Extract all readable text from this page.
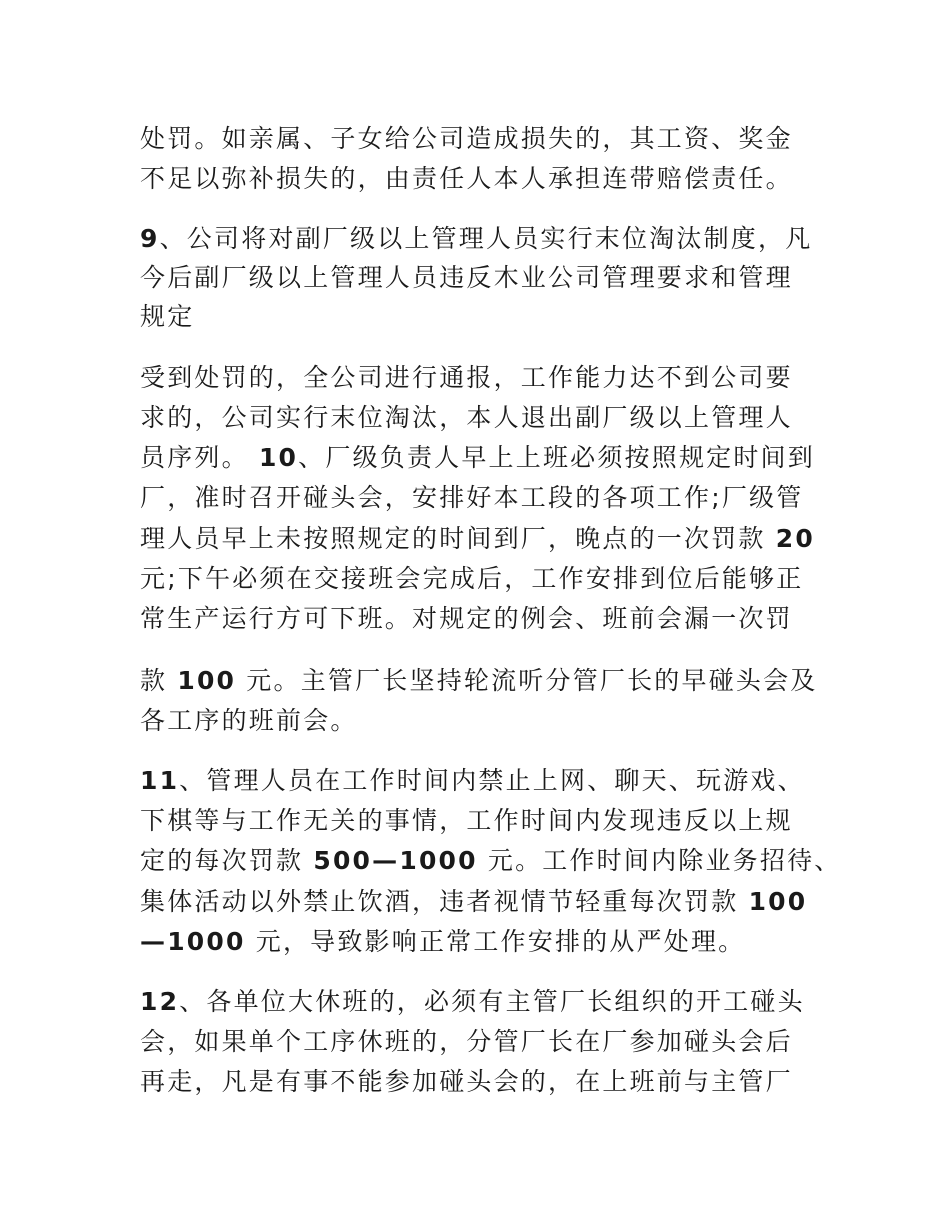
处罚。如亲属、子女给公司造成损失的，其工资、奖金
不足以弥补损失的，由责任人本人承担连带赔偿责任。
9、公司将对副厂级以上管理人员实行末位淘汰制度，凡
今后副厂级以上管理人员违反木业公司管理要求和管理
规定
受到处罚的，全公司进行通报，工作能力达不到公司要
求的，公司实行末位淘汰，本人退出副厂级以上管理人
员序列。 10、厂级负责人早上上班必须按照规定时间到
厂，准时召开碰头会，安排好本工段的各项工作;厂级管
理人员早上未按照规定的时间到厂，晚点的一次罚款 20
元;下午必须在交接班会完成后，工作安排到位后能够正
常生产运行方可下班。对规定的例会、班前会漏一次罚
款 100 元。主管厂长坚持轮流听分管厂长的早碰头会及
各工序的班前会。
11、管理人员在工作时间内禁止上网、聊天、玩游戏、
下棋等与工作无关的事情，工作时间内发现违反以上规
定的每次罚款 500—1000 元。工作时间内除业务招待、
集体活动以外禁止饮酒，违者视情节轻重每次罚款 100
—1000 元，导致影响正常工作安排的从严处理。
12、各单位大休班的，必须有主管厂长组织的开工碰头
会，如果单个工序休班的，分管厂长在厂参加碰头会后
再走，凡是有事不能参加碰头会的，在上班前与主管厂
